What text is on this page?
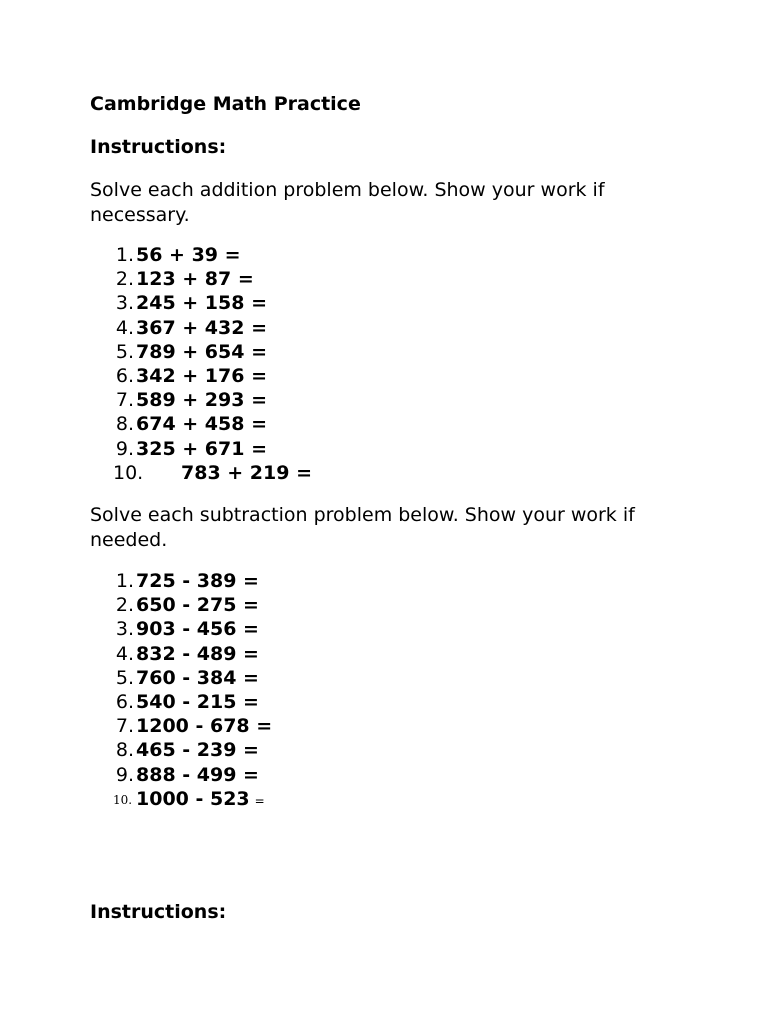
Cambridge Math Practice
Instructions:
Solve each addition problem below. Show your work if necessary.
1. 56 + 39 =
2. 123 + 87 =
3. 245 + 158 =
4. 367 + 432 =
5. 789 + 654 =
6. 342 + 176 =
7. 589 + 293 =
8. 674 + 458 =
9. 325 + 671 =
10. 783 + 219 =
Solve each subtraction problem below. Show your work if needed.
1. 725 - 389 =
2. 650 - 275 =
3. 903 - 456 =
4. 832 - 489 =
5. 760 - 384 =
6. 540 - 215 =
7. 1200 - 678 =
8. 465 - 239 =
9. 888 - 499 =
10. 1000 - 523 =
Instructions:
